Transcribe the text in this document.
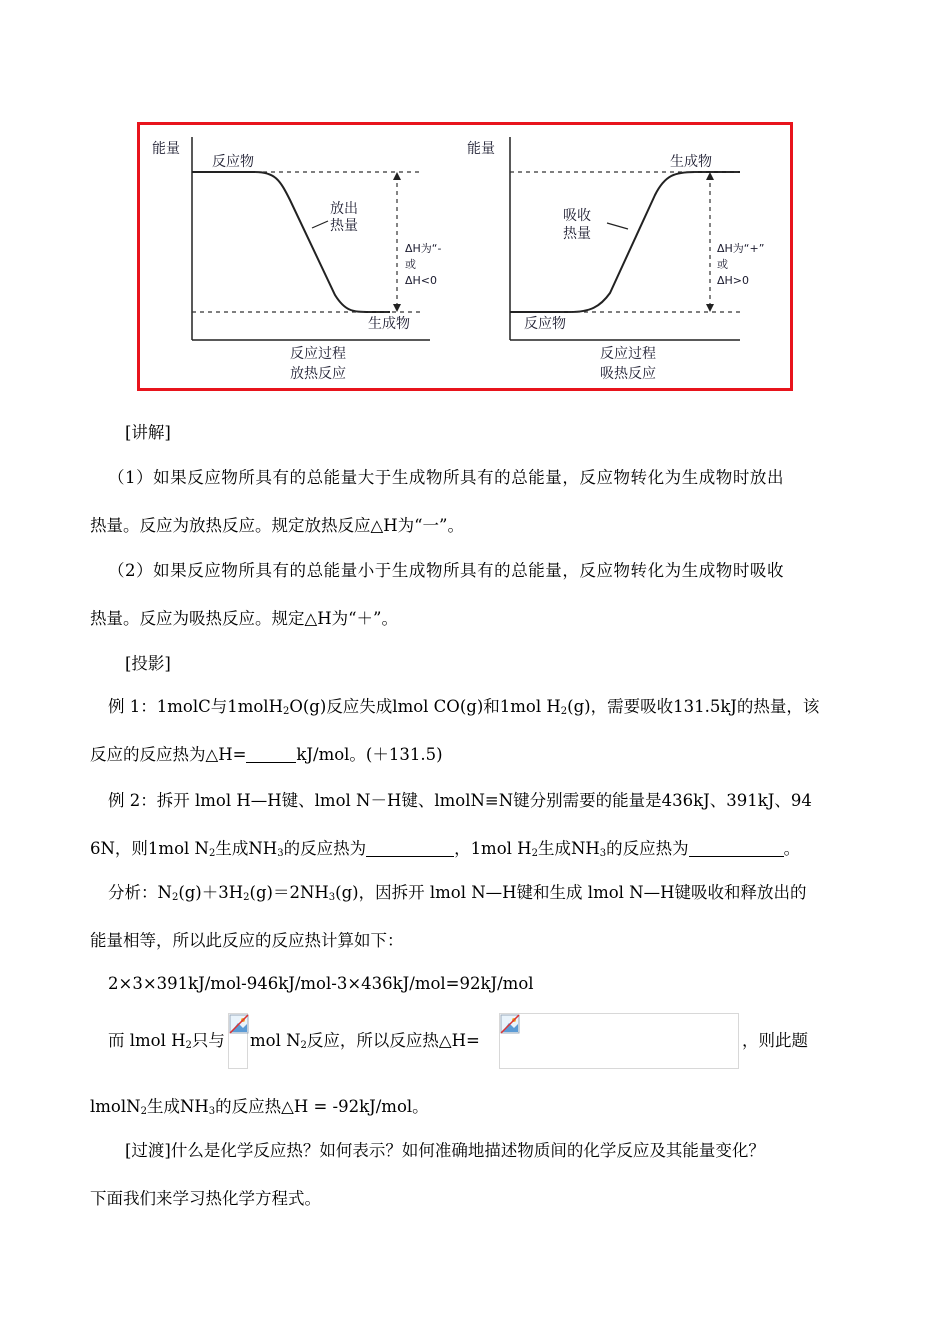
能量
反应物
放出
热量
ΔH为“-
或
ΔH<0
生成物
反应过程
放热反应
能量
生成物
吸收
热量
ΔH为“+”
或
ΔH>0
反应物
反应过程
吸热反应
[讲解]
（1）如果反应物所具有的总能量大于生成物所具有的总能量，反应物转化为生成物时放出
热量。反应为放热反应。规定放热反应△H为“一”。
（2）如果反应物所具有的总能量小于生成物所具有的总能量，反应物转化为生成物时吸收
热量。反应为吸热反应。规定△H为“＋”。
[投影]
例 1：1molC与1molH$_2$O(g)反应失成lmol CO(g)和1mol $H_2(g)$，需要吸收131.5kJ的热量，该
反应的反应热为△H=	kJ/mol。(＋131.5)
例 2：拆开 lmol H—H键、lmol N－H键、lmolN≡N键分别需要的能量是436kJ、391kJ、94
6N，则1mol $N_2$生成$NH_3$的反应热为	，1mol $H_2$生成$NH_3$的反应热为	。
分析：$N_2(g)+3H_2(g)=2NH_3(g)$，因拆开 lmol N—H键和生成 lmol N—H键吸收和释放出的
能量相等，所以此反应的反应热计算如下：
2×3×391kJ/mol-946kJ/mol-3×436kJ/mol=92kJ/mol
而 lmol $H_2$只与 mol $N_2$反应，所以反应热△H=	，则此题
lmolN$_2$生成$NH_3$的反应热△H = -92kJ/mol。
[过渡]什么是化学反应热？如何表示？如何准确地描述物质间的化学反应及其能量变化？
下面我们来学习热化学方程式。
